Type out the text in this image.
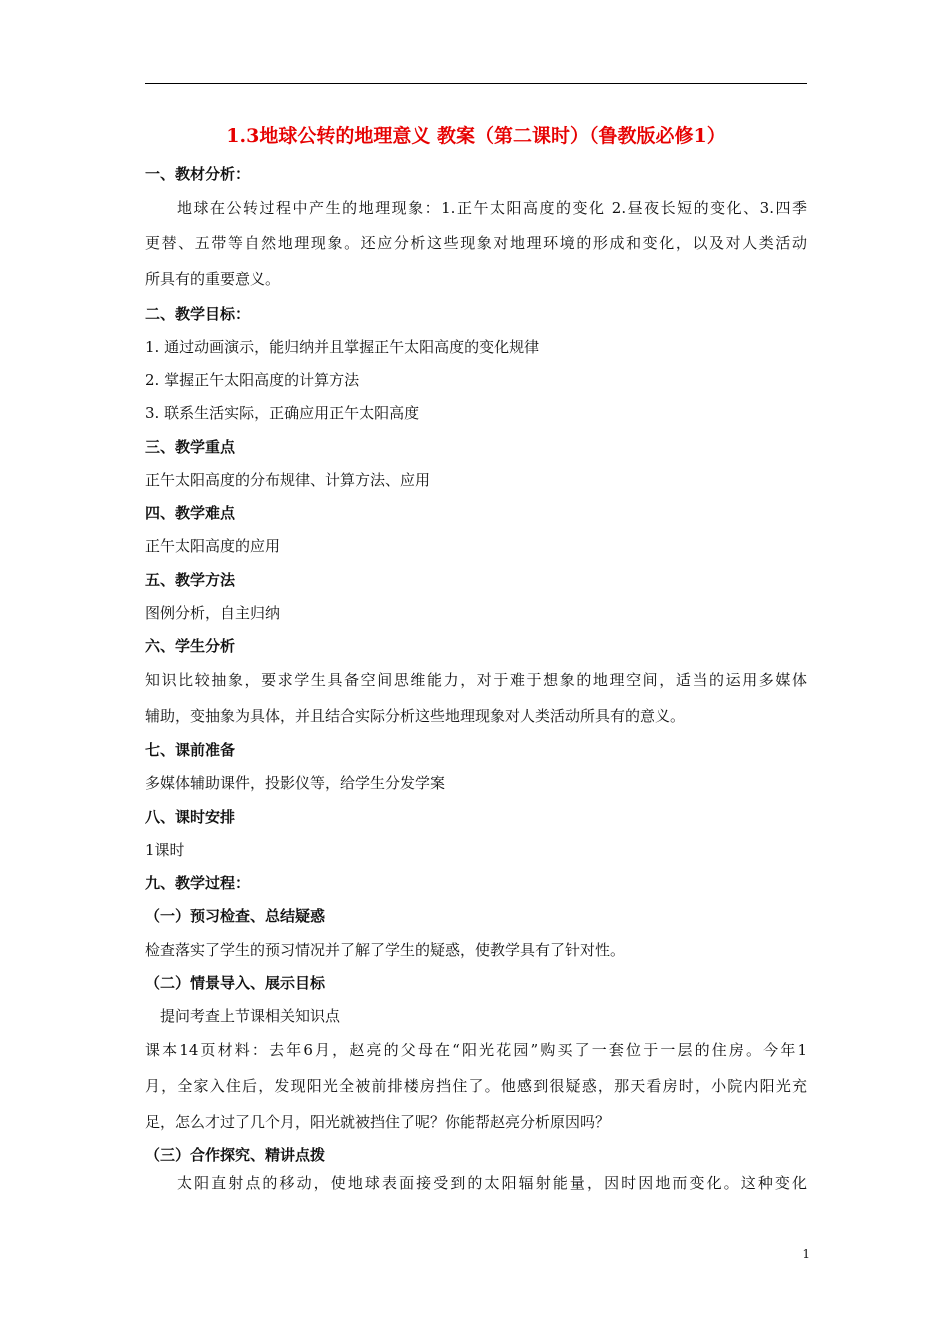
1.3地球公转的地理意义 教案（第二课时）（鲁教版必修1）
一、教材分析：
地球在公转过程中产生的地理现象：1.正午太阳高度的变化 2.昼夜长短的变化、3.四季
更替、五带等自然地理现象。还应分析这些现象对地理环境的形成和变化，以及对人类活动
所具有的重要意义。
二、教学目标：
1. 通过动画演示，能归纳并且掌握正午太阳高度的变化规律
2. 掌握正午太阳高度的计算方法
3. 联系生活实际，正确应用正午太阳高度
三、教学重点
正午太阳高度的分布规律、计算方法、应用
四、教学难点
正午太阳高度的应用
五、教学方法
图例分析，自主归纳
六、学生分析
知识比较抽象，要求学生具备空间思维能力，对于难于想象的地理空间，适当的运用多媒体
辅助，变抽象为具体，并且结合实际分析这些地理现象对人类活动所具有的意义。
七、课前准备
多媒体辅助课件，投影仪等，给学生分发学案
八、课时安排
1课时
九、教学过程：
（一）预习检查、总结疑惑
检查落实了学生的预习情况并了解了学生的疑惑，使教学具有了针对性。
（二）情景导入、展示目标
提问考查上节课相关知识点
课本14页材料：去年6月，赵亮的父母在“阳光花园”购买了一套位于一层的住房。今年1
月，全家入住后，发现阳光全被前排楼房挡住了。他感到很疑惑，那天看房时，小院内阳光充
足，怎么才过了几个月，阳光就被挡住了呢？你能帮赵亮分析原因吗？
（三）合作探究、精讲点拨
太阳直射点的移动，使地球表面接受到的太阳辐射能量，因时因地而变化。这种变化
1
